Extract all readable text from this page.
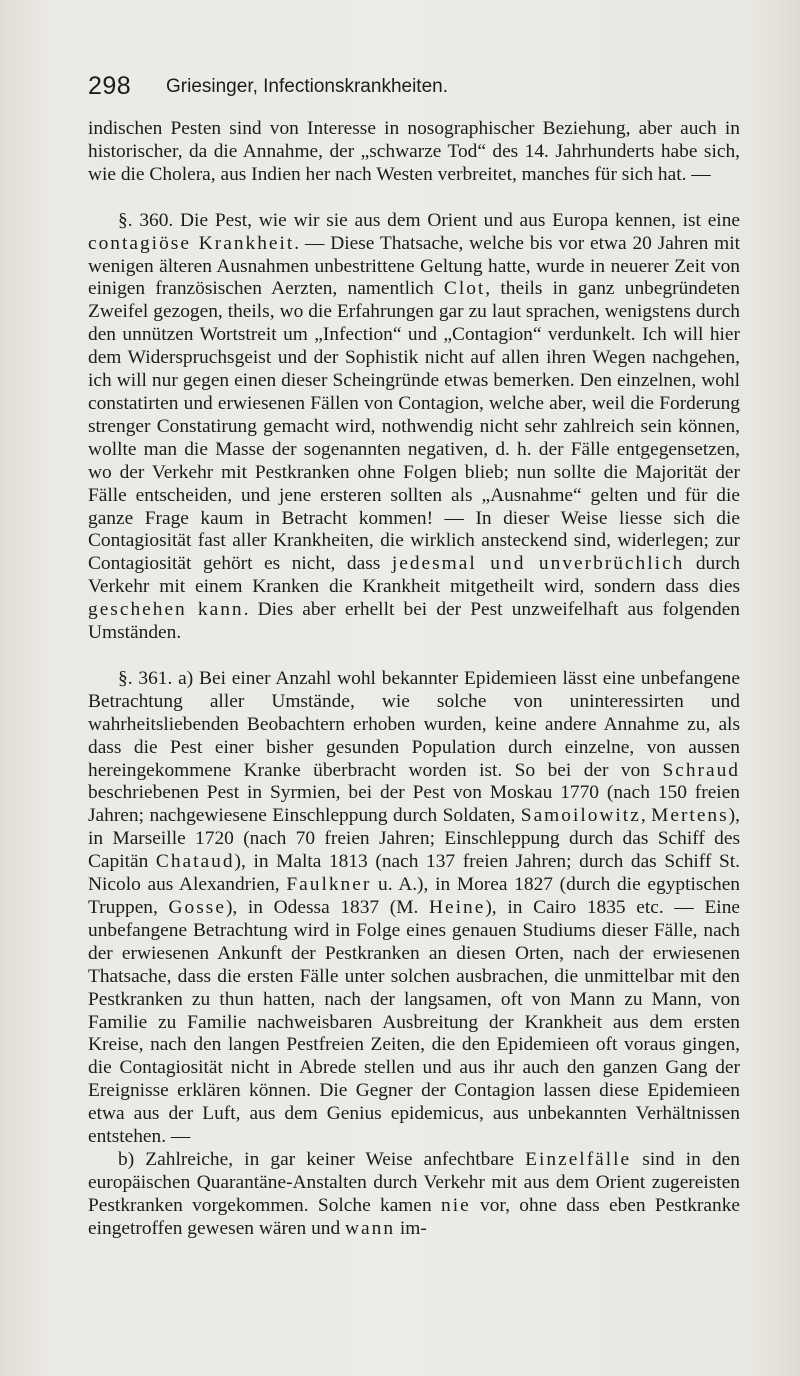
298 Griesinger, Infectionskrankheiten.

indischen Pesten sind von Interesse in nosographischer Beziehung, aber auch in historischer, da die Annahme, der „schwarze Tod“ des 14. Jahrhunderts habe sich, wie die Cholera, aus Indien her nach Westen verbreitet, manches für sich hat. —

§. 360. Die Pest, wie wir sie aus dem Orient und aus Europa kennen, ist eine contagiöse Krankheit. — Diese Thatsache, welche bis vor etwa 20 Jahren mit wenigen älteren Ausnahmen unbestrittene Geltung hatte, wurde in neuerer Zeit von einigen französischen Aerzten, namentlich Clot, theils in ganz unbegründeten Zweifel gezogen, theils, wo die Erfahrungen gar zu laut sprachen, wenigstens durch den unnützen Wortstreit um „Infection“ und „Contagion“ verdunkelt. Ich will hier dem Widerspruchsgeist und der Sophistik nicht auf allen ihren Wegen nachgehen, ich will nur gegen einen dieser Scheingründe etwas bemerken. Den einzelnen, wohl constatirten und erwiesenen Fällen von Contagion, welche aber, weil die Forderung strenger Constatirung gemacht wird, nothwendig nicht sehr zahlreich sein können, wollte man die Masse der sogenannten negativen, d. h. der Fälle entgegensetzen, wo der Verkehr mit Pestkranken ohne Folgen blieb; nun sollte die Majorität der Fälle entscheiden, und jene ersteren sollten als „Ausnahme“ gelten und für die ganze Frage kaum in Betracht kommen! — In dieser Weise liesse sich die Contagiosität fast aller Krankheiten, die wirklich ansteckend sind, widerlegen; zur Contagiosität gehört es nicht, dass jedesmal und unverbrüchlich durch Verkehr mit einem Kranken die Krankheit mitgetheilt wird, sondern dass dies geschehen kann. Dies aber erhellt bei der Pest unzweifelhaft aus folgenden Umständen.

§. 361. a) Bei einer Anzahl wohl bekannter Epidemieen lässt eine unbefangene Betrachtung aller Umstände, wie solche von uninteressirten und wahrheitsliebenden Beobachtern erhoben wurden, keine andere Annahme zu, als dass die Pest einer bisher gesunden Population durch einzelne, von aussen hereingekommene Kranke überbracht worden ist. So bei der von Schraud beschriebenen Pest in Syrmien, bei der Pest von Moskau 1770 (nach 150 freien Jahren; nachgewiesene Einschleppung durch Soldaten, Samoilowitz, Mertens), in Marseille 1720 (nach 70 freien Jahren; Einschleppung durch das Schiff des Capitän Chataud), in Malta 1813 (nach 137 freien Jahren; durch das Schiff St. Nicolo aus Alexandrien, Faulkner u. A.), in Morea 1827 (durch die egyptischen Truppen, Gosse), in Odessa 1837 (M. Heine), in Cairo 1835 etc. — Eine unbefangene Betrachtung wird in Folge eines genauen Studiums dieser Fälle, nach der erwiesenen Ankunft der Pestkranken an diesen Orten, nach der erwiesenen Thatsache, dass die ersten Fälle unter solchen ausbrachen, die unmittelbar mit den Pestkranken zu thun hatten, nach der langsamen, oft von Mann zu Mann, von Familie zu Familie nachweisbaren Ausbreitung der Krankheit aus dem ersten Kreise, nach den langen Pestfreien Zeiten, die den Epidemieen oft voraus gingen, die Contagiosität nicht in Abrede stellen und aus ihr auch den ganzen Gang der Ereignisse erklären können. Die Gegner der Contagion lassen diese Epidemieen etwa aus der Luft, aus dem Genius epidemicus, aus unbekannten Verhältnissen entstehen. —

b) Zahlreiche, in gar keiner Weise anfechtbare Einzelfälle sind in den europäischen Quarantäne-Anstalten durch Verkehr mit aus dem Orient zugereisten Pestkranken vorgekommen. Solche kamen nie vor, ohne dass eben Pestkranke eingetroffen gewesen wären und wann im-
